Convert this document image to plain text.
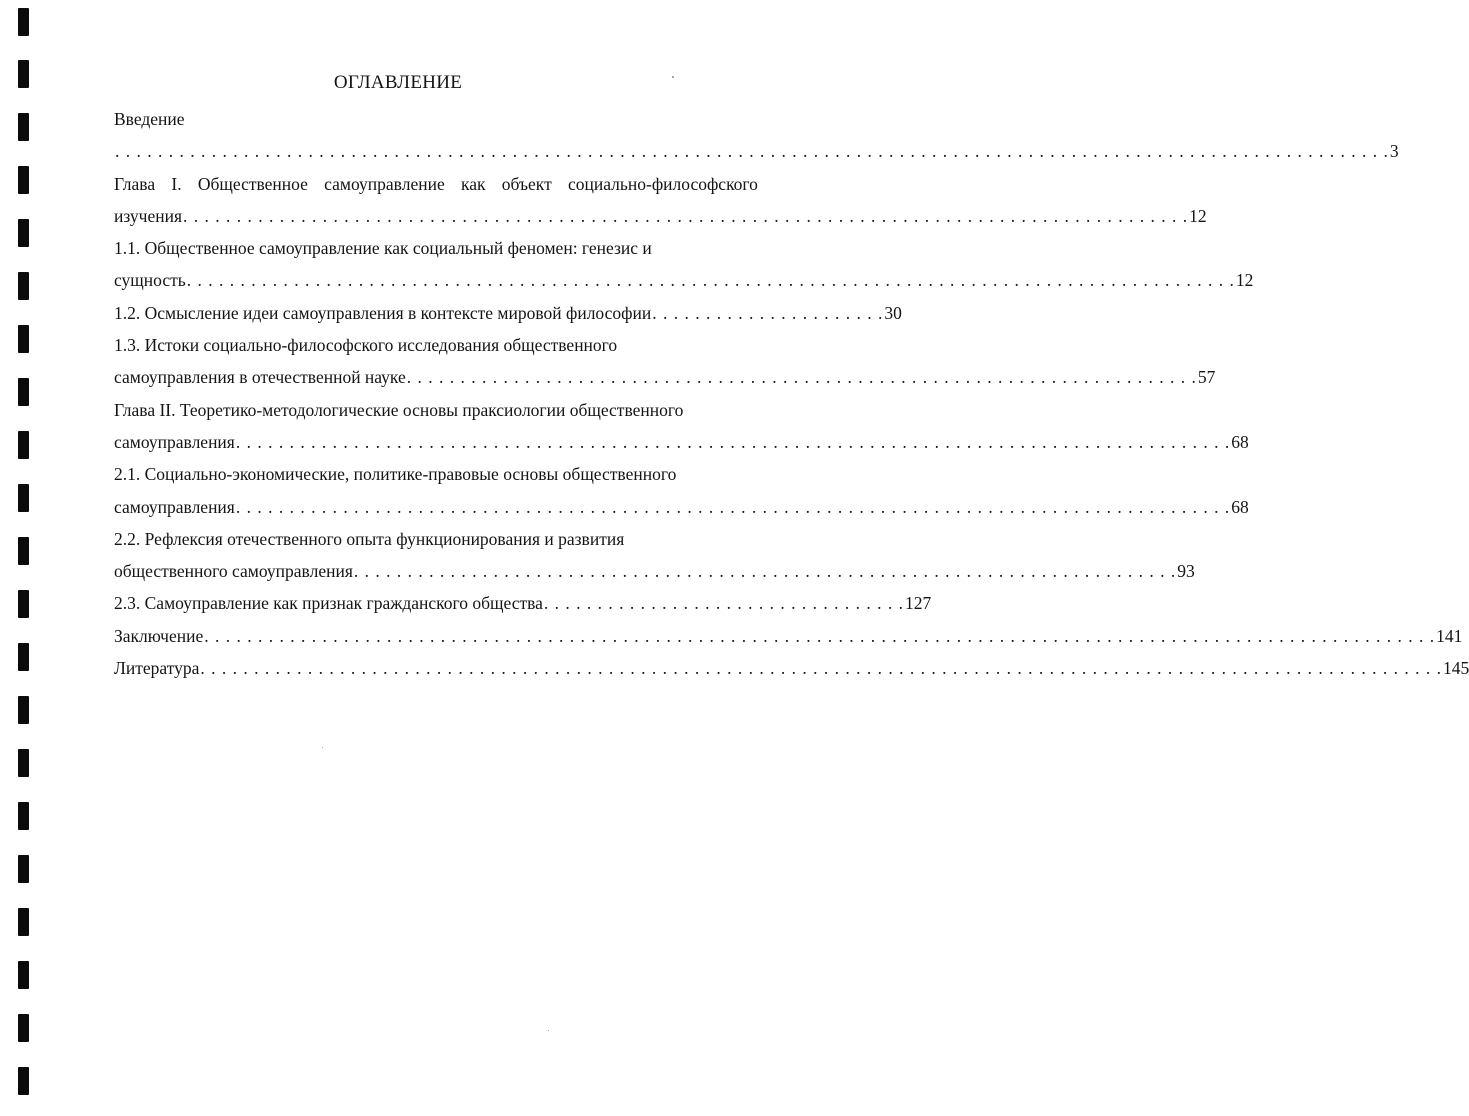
ОГЛАВЛЕНИЕ
Введение
. . . . . . . . . . . . . . . . . . . . . . . . . . . . . . . . . . . . . . . . . . . . . . . . . . . . . . . . . . . . . . . . . . . . . . . . . . . . . . . . . . . . . . . . . . . . . . . . . . . . . . . . . . . . . . . . . . . . . . . 3
Глава I. Общественное самоуправление как объект социально-философского
изучения . . . . . . . . . . . . . . . . . . . . . . . . . . . . . . . . . . . . . . . . . . . . . . . . . . . . . . . . . . . . . . . . . . . . . . . . . . . . . . . . . . . . . . . . . . . . . . 12
1.1. Общественное самоуправление как социальный феномен: генезис и
сущность . . . . . . . . . . . . . . . . . . . . . . . . . . . . . . . . . . . . . . . . . . . . . . . . . . . . . . . . . . . . . . . . . . . . . . . . . . . . . . . . . . . . . . . . . . . . . . . . . . 12
1.2. Осмысление идеи самоуправления в контексте мировой философии . . . . . . . . . . . . . . . . . . . . . . 30
1.3. Истоки социально-философского исследования общественного
самоуправления в отечественной науке . . . . . . . . . . . . . . . . . . . . . . . . . . . . . . . . . . . . . . . . . . . . . . . . . . . . . . . . . . . . . . . . . . . . . . . . . . 57
Глава II. Теоретико-методологические основы праксиологии общественного
самоуправления . . . . . . . . . . . . . . . . . . . . . . . . . . . . . . . . . . . . . . . . . . . . . . . . . . . . . . . . . . . . . . . . . . . . . . . . . . . . . . . . . . . . . . . . . . . . . 68
2.1. Социально-экономические, политике-правовые основы общественного
самоуправления . . . . . . . . . . . . . . . . . . . . . . . . . . . . . . . . . . . . . . . . . . . . . . . . . . . . . . . . . . . . . . . . . . . . . . . . . . . . . . . . . . . . . . . . . . . . . 68
2.2. Рефлексия отечественного опыта функционирования и развития
общественного самоуправления . . . . . . . . . . . . . . . . . . . . . . . . . . . . . . . . . . . . . . . . . . . . . . . . . . . . . . . . . . . . . . . . . . . . . . . . . . . . . 93
2.3. Самоуправление как признак гражданского общества . . . . . . . . . . . . . . . . . . . . . . . . . . . . . . . . . . 127
Заключение . . . . . . . . . . . . . . . . . . . . . . . . . . . . . . . . . . . . . . . . . . . . . . . . . . . . . . . . . . . . . . . . . . . . . . . . . . . . . . . . . . . . . . . . . . . . . . . . . . . . . . . . . . . . . . . . . . . 141
Литература . . . . . . . . . . . . . . . . . . . . . . . . . . . . . . . . . . . . . . . . . . . . . . . . . . . . . . . . . . . . . . . . . . . . . . . . . . . . . . . . . . . . . . . . . . . . . . . . . . . . . . . . . . . . . . . . . . . . 145
